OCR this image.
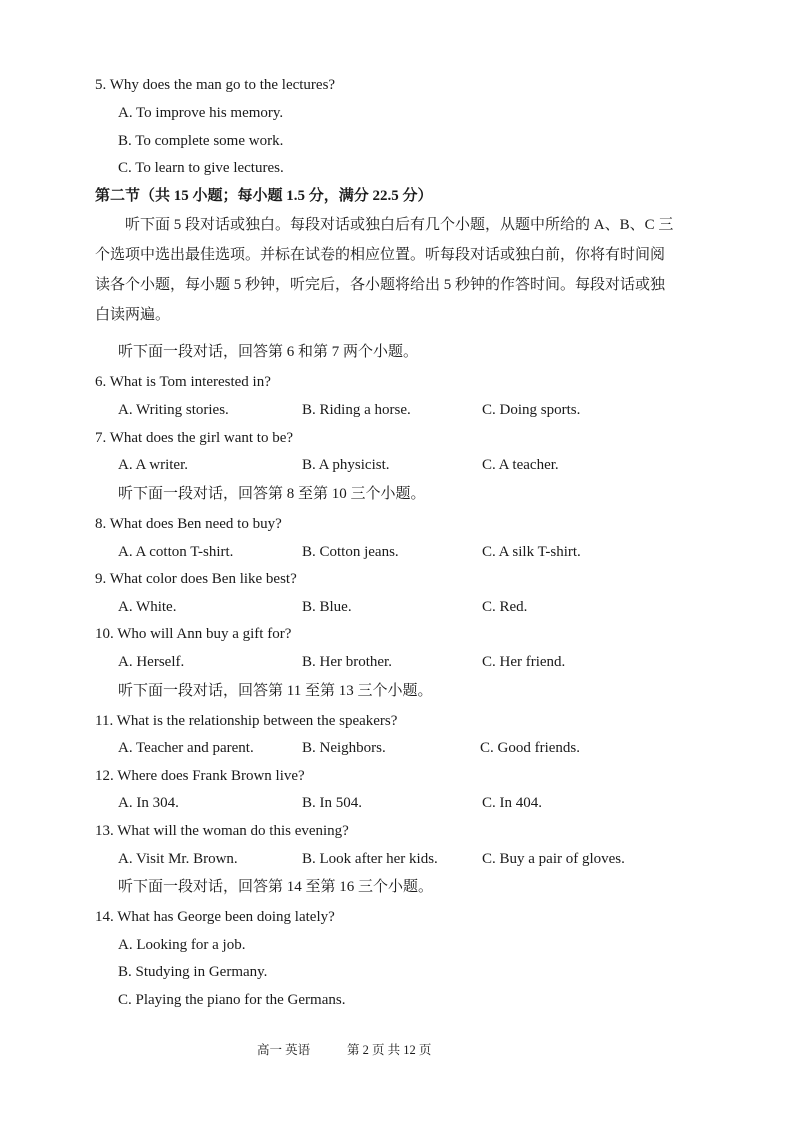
5. Why does the man go to the lectures?
A. To improve his memory.
B. To complete some work.
C. To learn to give lectures.
第二节（共 15 小题；每小题 1.5 分，满分 22.5 分）

听下面 5 段对话或独白。每段对话或独白后有几个小题，从题中所给的 A、B、C 三

个选项中选出最佳选项。并标在试卷的相应位置。听每段对话或独白前，你将有时间阅

读各个小题，每小题 5 秒钟，听完后，各小题将给出 5 秒钟的作答时间。每段对话或独

白读两遍。

听下面一段对话，回答第 6 和第 7 两个小题。
6. What is Tom interested in?
A. Writing stories.	B. Riding a horse.	C. Doing sports.
7. What does the girl want to be?
A. A writer.	B. A physicist.	C. A teacher.
听下面一段对话，回答第 8 至第 10 三个小题。
8. What does Ben need to buy?
A. A cotton T-shirt.	B. Cotton jeans.	C. A silk T-shirt.
9. What color does Ben like best?
A. White.	B. Blue.	C. Red.
10. Who will Ann buy a gift for?
A. Herself.	B. Her brother.	C. Her friend.
听下面一段对话，回答第 11 至第 13 三个小题。
11. What is the relationship between the speakers?
A. Teacher and parent.	B. Neighbors.	C. Good friends.
12. Where does Frank Brown live?
A. In 304.	B. In 504.	C. In 404.
13. What will the woman do this evening?
A. Visit Mr. Brown.	B. Look after her kids.	C. Buy a pair of gloves.
听下面一段对话，回答第 14 至第 16 三个小题。
14. What has George been doing lately?
A. Looking for a job.
B. Studying in Germany.
C. Playing the piano for the Germans.
高一 英语	第 2 页 共 12 页
